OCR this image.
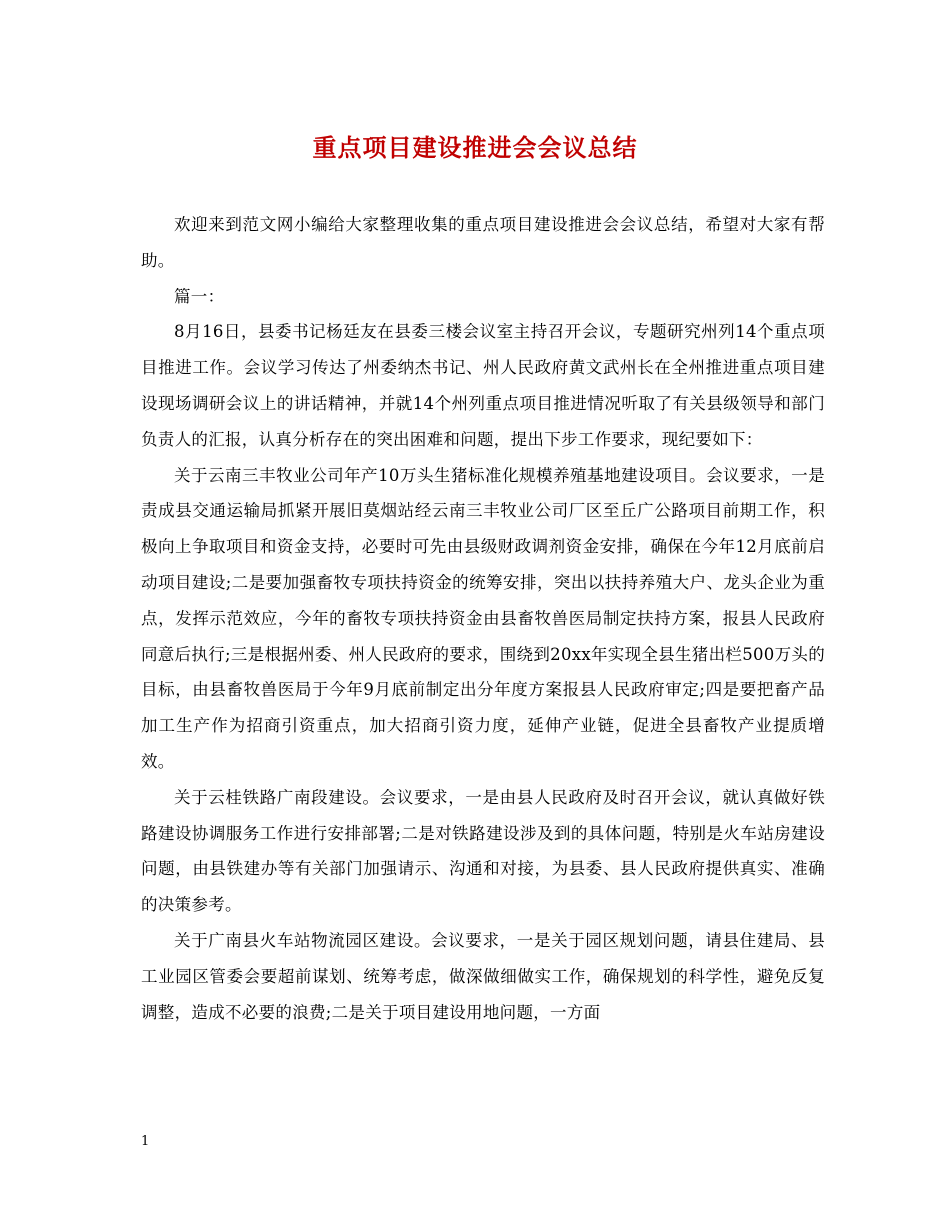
重点项目建设推进会会议总结

欢迎来到范文网小编给大家整理收集的重点项目建设推进会会议总结，希望对大家有帮助。

篇一：

8月16日，县委书记杨廷友在县委三楼会议室主持召开会议，专题研究州列14个重点项目推进工作。会议学习传达了州委纳杰书记、州人民政府黄文武州长在全州推进重点项目建设现场调研会议上的讲话精神，并就14个州列重点项目推进情况听取了有关县级领导和部门负责人的汇报，认真分析存在的突出困难和问题，提出下步工作要求，现纪要如下：

关于云南三丰牧业公司年产10万头生猪标准化规模养殖基地建设项目。会议要求，一是责成县交通运输局抓紧开展旧莫烟站经云南三丰牧业公司厂区至丘广公路项目前期工作，积极向上争取项目和资金支持，必要时可先由县级财政调剂资金安排，确保在今年12月底前启动项目建设;二是要加强畜牧专项扶持资金的统筹安排，突出以扶持养殖大户、龙头企业为重点，发挥示范效应，今年的畜牧专项扶持资金由县畜牧兽医局制定扶持方案，报县人民政府同意后执行;三是根据州委、州人民政府的要求，围绕到20xx年实现全县生猪出栏500万头的目标，由县畜牧兽医局于今年9月底前制定出分年度方案报县人民政府审定;四是要把畜产品加工生产作为招商引资重点，加大招商引资力度，延伸产业链，促进全县畜牧产业提质增效。

关于云桂铁路广南段建设。会议要求，一是由县人民政府及时召开会议，就认真做好铁路建设协调服务工作进行安排部署;二是对铁路建设涉及到的具体问题，特别是火车站房建设问题，由县铁建办等有关部门加强请示、沟通和对接，为县委、县人民政府提供真实、准确的决策参考。

关于广南县火车站物流园区建设。会议要求，一是关于园区规划问题，请县住建局、县工业园区管委会要超前谋划、统筹考虑，做深做细做实工作，确保规划的科学性，避免反复调整，造成不必要的浪费;二是关于项目建设用地问题，一方面

1
